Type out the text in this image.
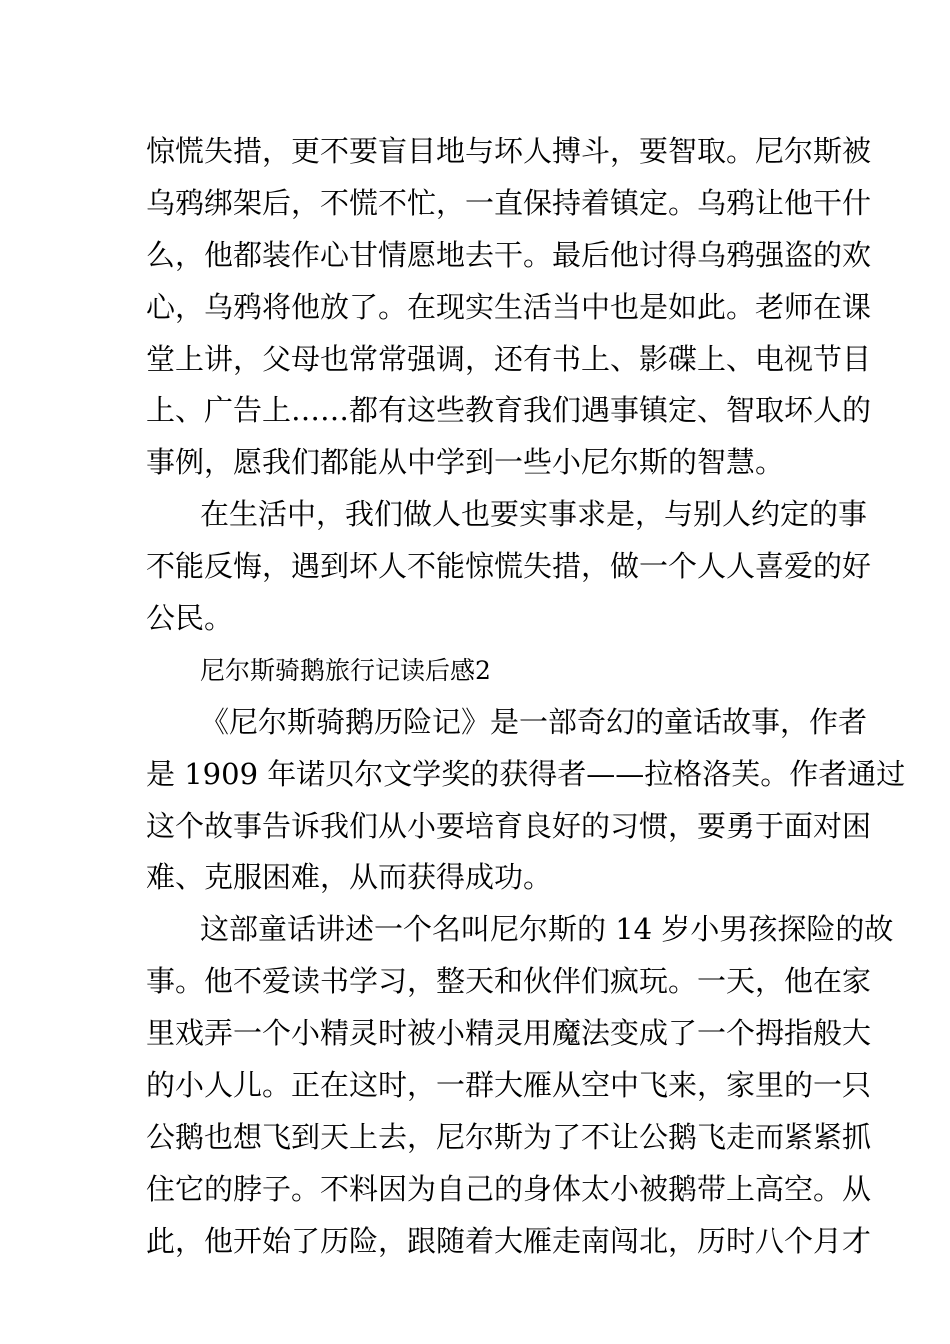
惊慌失措，更不要盲目地与坏人搏斗，要智取。尼尔斯被
乌鸦绑架后，不慌不忙，一直保持着镇定。乌鸦让他干什
么，他都装作心甘情愿地去干。最后他讨得乌鸦强盗的欢
心，乌鸦将他放了。在现实生活当中也是如此。老师在课
堂上讲，父母也常常强调，还有书上、影碟上、电视节目
上、广告上……都有这些教育我们遇事镇定、智取坏人的
事例，愿我们都能从中学到一些小尼尔斯的智慧。
在生活中，我们做人也要实事求是，与别人约定的事
不能反悔，遇到坏人不能惊慌失措，做一个人人喜爱的好
公民。
尼尔斯骑鹅旅行记读后感2
《尼尔斯骑鹅历险记》是一部奇幻的童话故事，作者
是 1909 年诺贝尔文学奖的获得者——拉格洛芙。作者通过
这个故事告诉我们从小要培育良好的习惯，要勇于面对困
难、克服困难，从而获得成功。
这部童话讲述一个名叫尼尔斯的 14 岁小男孩探险的故
事。他不爱读书学习，整天和伙伴们疯玩。一天，他在家
里戏弄一个小精灵时被小精灵用魔法变成了一个拇指般大
的小人儿。正在这时，一群大雁从空中飞来，家里的一只
公鹅也想飞到天上去，尼尔斯为了不让公鹅飞走而紧紧抓
住它的脖子。不料因为自己的身体太小被鹅带上高空。从
此，他开始了历险，跟随着大雁走南闯北，历时八个月才
